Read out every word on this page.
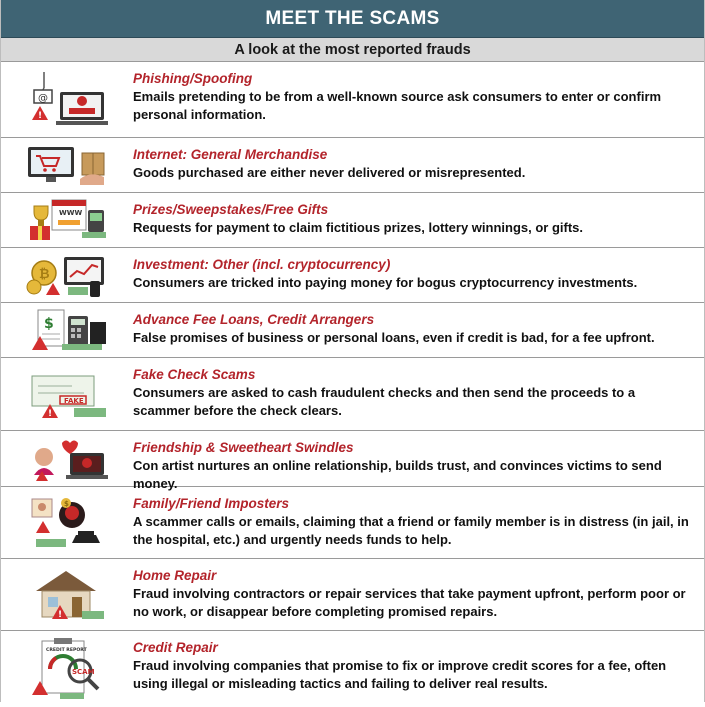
MEET THE SCAMS
A look at the most reported frauds
@
!
Phishing/Spoofing
Emails pretending to be from a well-known source ask consumers to enter or confirm personal information.
Internet: General Merchandise
Goods purchased are either never delivered or misrepresented.
WWW	Prizes/Sweepstakes/Free Gifts
Requests for payment to claim fictitious prizes, lottery winnings, or gifts.
₿
Investment: Other (incl. cryptocurrency)
Consumers are tricked into paying money for bogus cryptocurrency investments.
$	Advance Fee Loans, Credit Arrangers
False promises of business or personal loans, even if credit is bad, for a fee upfront.
FAKE
!
Fake Check Scams
Consumers are asked to cash fraudulent checks and then send the proceeds to a scammer before the check clears.
Friendship & Sweetheart Swindles
Con artist nurtures an online relationship, builds trust, and convinces victims to send money.
$	Family/Friend Imposters
A scammer calls or emails, claiming that a friend or family member is in distress (in jail, in the hospital, etc.) and urgently needs funds to help.
!
Home Repair
Fraud involving contractors or repair services that take payment upfront, perform poor or no work, or disappear before completing promised repairs.
CREDIT REPORT
SCAM
Credit Repair
Fraud involving companies that promise to fix or improve credit scores for a fee, often using illegal or misleading tactics and failing to deliver real results.
